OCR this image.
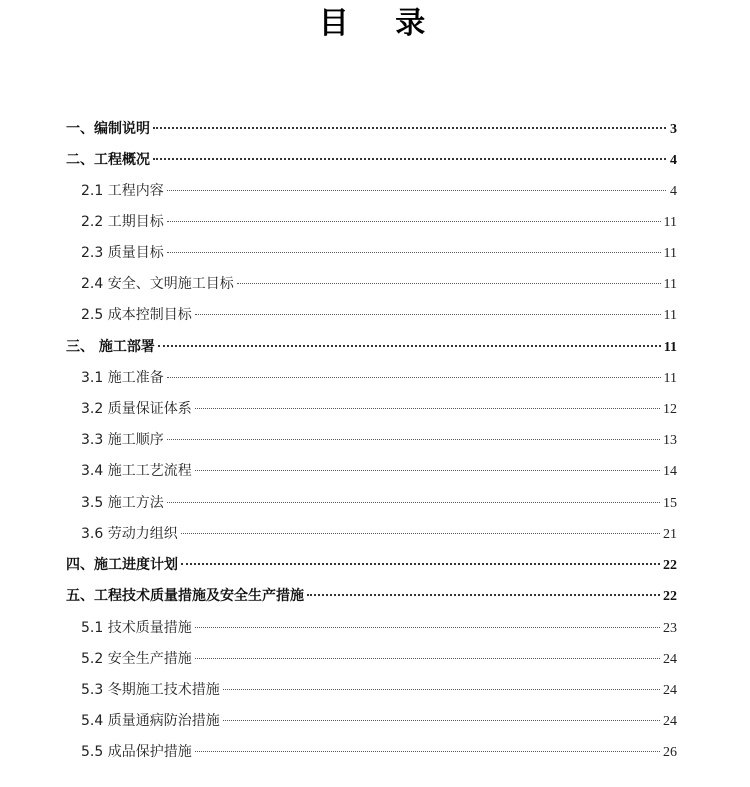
目 录
一、编制说明	3
二、工程概况	4
2.1 工程内容	4
2.2 工期目标	11
2.3 质量目标	11
2.4 安全、文明施工目标	11
2.5 成本控制目标	11
三、 施工部署	11
3.1 施工准备	11
3.2 质量保证体系	12
3.3 施工顺序	13
3.4 施工工艺流程	14
3.5 施工方法	15
3.6 劳动力组织	21
四、施工进度计划	22
五、工程技术质量措施及安全生产措施	22
5.1 技术质量措施	23
5.2 安全生产措施	24
5.3 冬期施工技术措施	24
5.4 质量通病防治措施	24
5.5 成品保护措施	26
